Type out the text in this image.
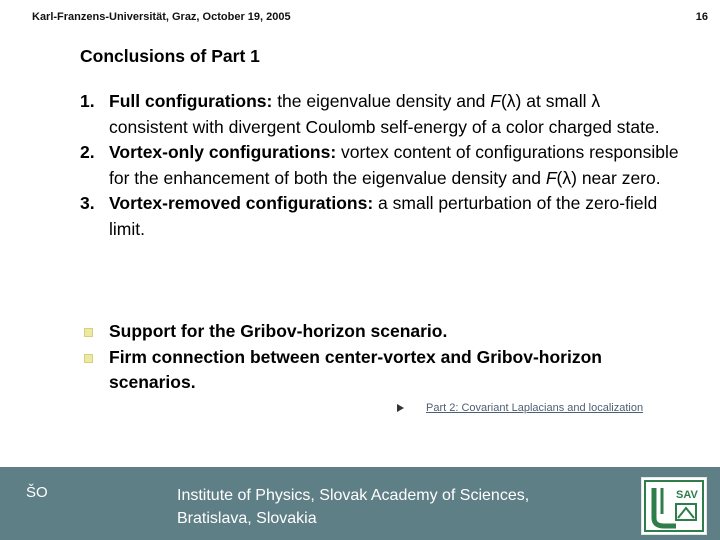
Karl-Franzens-Universität, Graz, October 19, 2005	16
Conclusions of Part 1
1. Full configurations: the eigenvalue density and F(λ) at small λ consistent with divergent Coulomb self-energy of a color charged state.
2. Vortex-only configurations: vortex content of configurations responsible for the enhancement of both the eigenvalue density and F(λ) near zero.
3. Vortex-removed configurations: a small perturbation of the zero-field limit.
Support for the Gribov-horizon scenario.
Firm connection between center-vortex and Gribov-horizon scenarios.
Part 2: Covariant Laplacians and localization
ŠO	Institute of Physics, Slovak Academy of Sciences,
Bratislava, Slovakia
SAV
